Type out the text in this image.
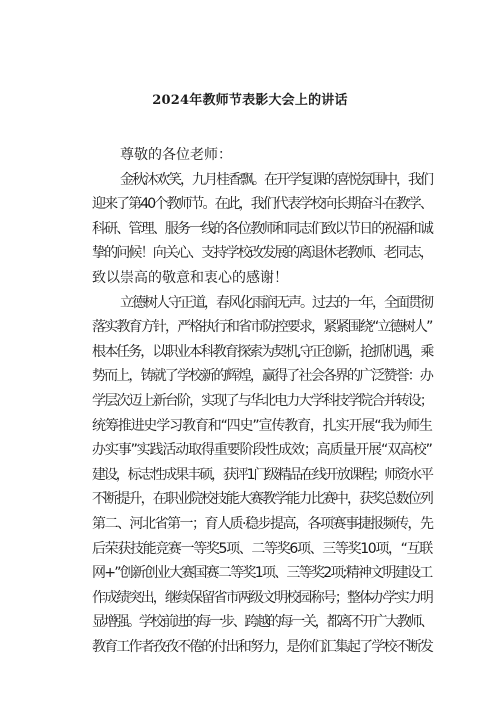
2024年教师节表影大会上的讲话
尊敬的各位老师：
金秋沐欢笑，九月桂香飘。在开学复课的喜悦氛围中，我们
迎来了第40个教师节。在此，我们代表学校向长期奋斗在教学、
科研、管理、服务一线的各位教师和同志们致以节日的祝福和诚
挚的问候！向关心、支持学校改发展的离退休老教师、老同志，
致以崇高的敬意和衷心的感谢！
立德树人守正道，春风化雨润无声。过去的一年，全面贯彻
落实教育方针，严格执行和省市防控要求，紧紧围绕“立德树人”
根本任务，以职业本科教育探索为契机,守正创新，抢抓机遇，乘
势而上，铸就了学校新的辉煌，赢得了社会各界的广泛赞誉：办
学层次迈上新台阶，实现了与华北电力大学科技学院合并转设；
统筹推进史学习教育和“四史”宣传教育，扎实开展“我为师生
办实事”实践活动取得重要阶段性成效；高质量开展“双高校”
建设，标志性成果丰硕，获评1门级精品在线开放课程；师资水平
不断提升，在职业院校技能大赛教学能力比赛中，获奖总数位列
第二、河北省第一；育人质·稳步提高，各项赛事捷报频传，先
后荣获技能竞赛一等奖5项、二等奖6项、三等奖10项，“互联
网+”创新创业大赛国赛二等奖1项、三等奖2项;精神文明建设工
作成绩突出，继续保留省市两级文明校园称号；整体办学实力明
显增强。学校前进的每一步、跨越的每一关，都离不开广大教师、
教育工作者孜孜不倦的付出和努力，是你们汇集起了学校不断发
